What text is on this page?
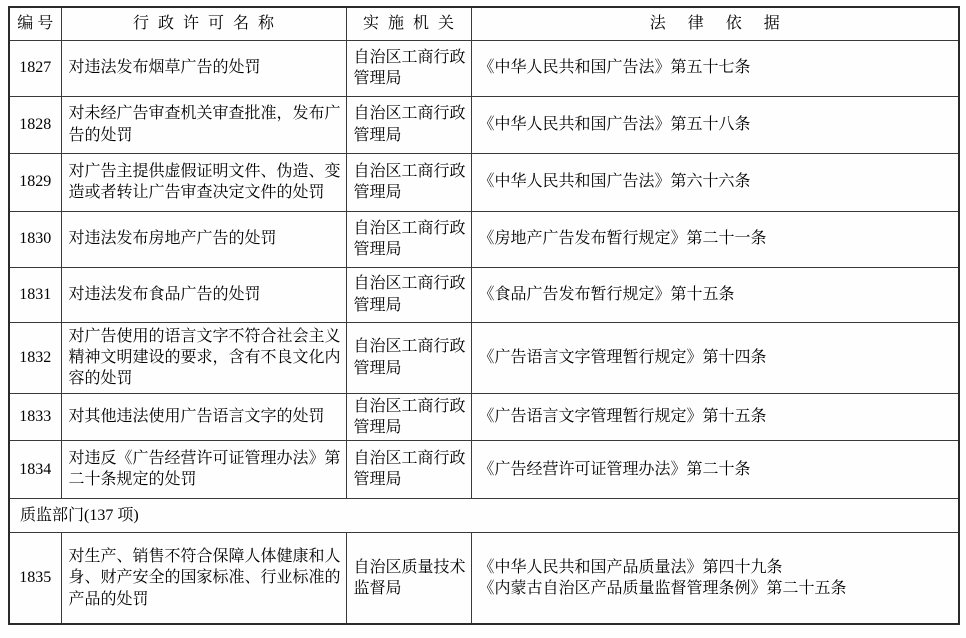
编号	行政许可名称	实施机关	法律依据
1827	对违法发布烟草广告的处罚	自治区工商行政管理局	《中华人民共和国广告法》第五十七条

1828	对未经广告审查机关审查批准，发布广告的处罚	自治区工商行政管理局	《中华人民共和国广告法》第五十八条

1829	对广告主提供虚假证明文件、伪造、变造或者转让广告审查决定文件的处罚	自治区工商行政管理局	《中华人民共和国广告法》第六十六条

1830	对违法发布房地产广告的处罚	自治区工商行政管理局	《房地产广告发布暂行规定》第二十一条

1831	对违法发布食品广告的处罚	自治区工商行政管理局	《食品广告发布暂行规定》第十五条

1832	对广告使用的语言文字不符合社会主义精神文明建设的要求，含有不良文化内容的处罚	自治区工商行政管理局	《广告语言文字管理暂行规定》第十四条

1833	对其他违法使用广告语言文字的处罚	自治区工商行政管理局	《广告语言文字管理暂行规定》第十五条

1834	对违反《广告经营许可证管理办法》第二十条规定的处罚	自治区工商行政管理局	《广告经营许可证管理办法》第二十条

质监部门(137 项)			
1835	对生产、销售不符合保障人体健康和人身、财产安全的国家标准、行业标准的产品的处罚	自治区质量技术监督局	《中华人民共和国产品质量法》第四十九条
《内蒙古自治区产品质量监督管理条例》第二十五条
